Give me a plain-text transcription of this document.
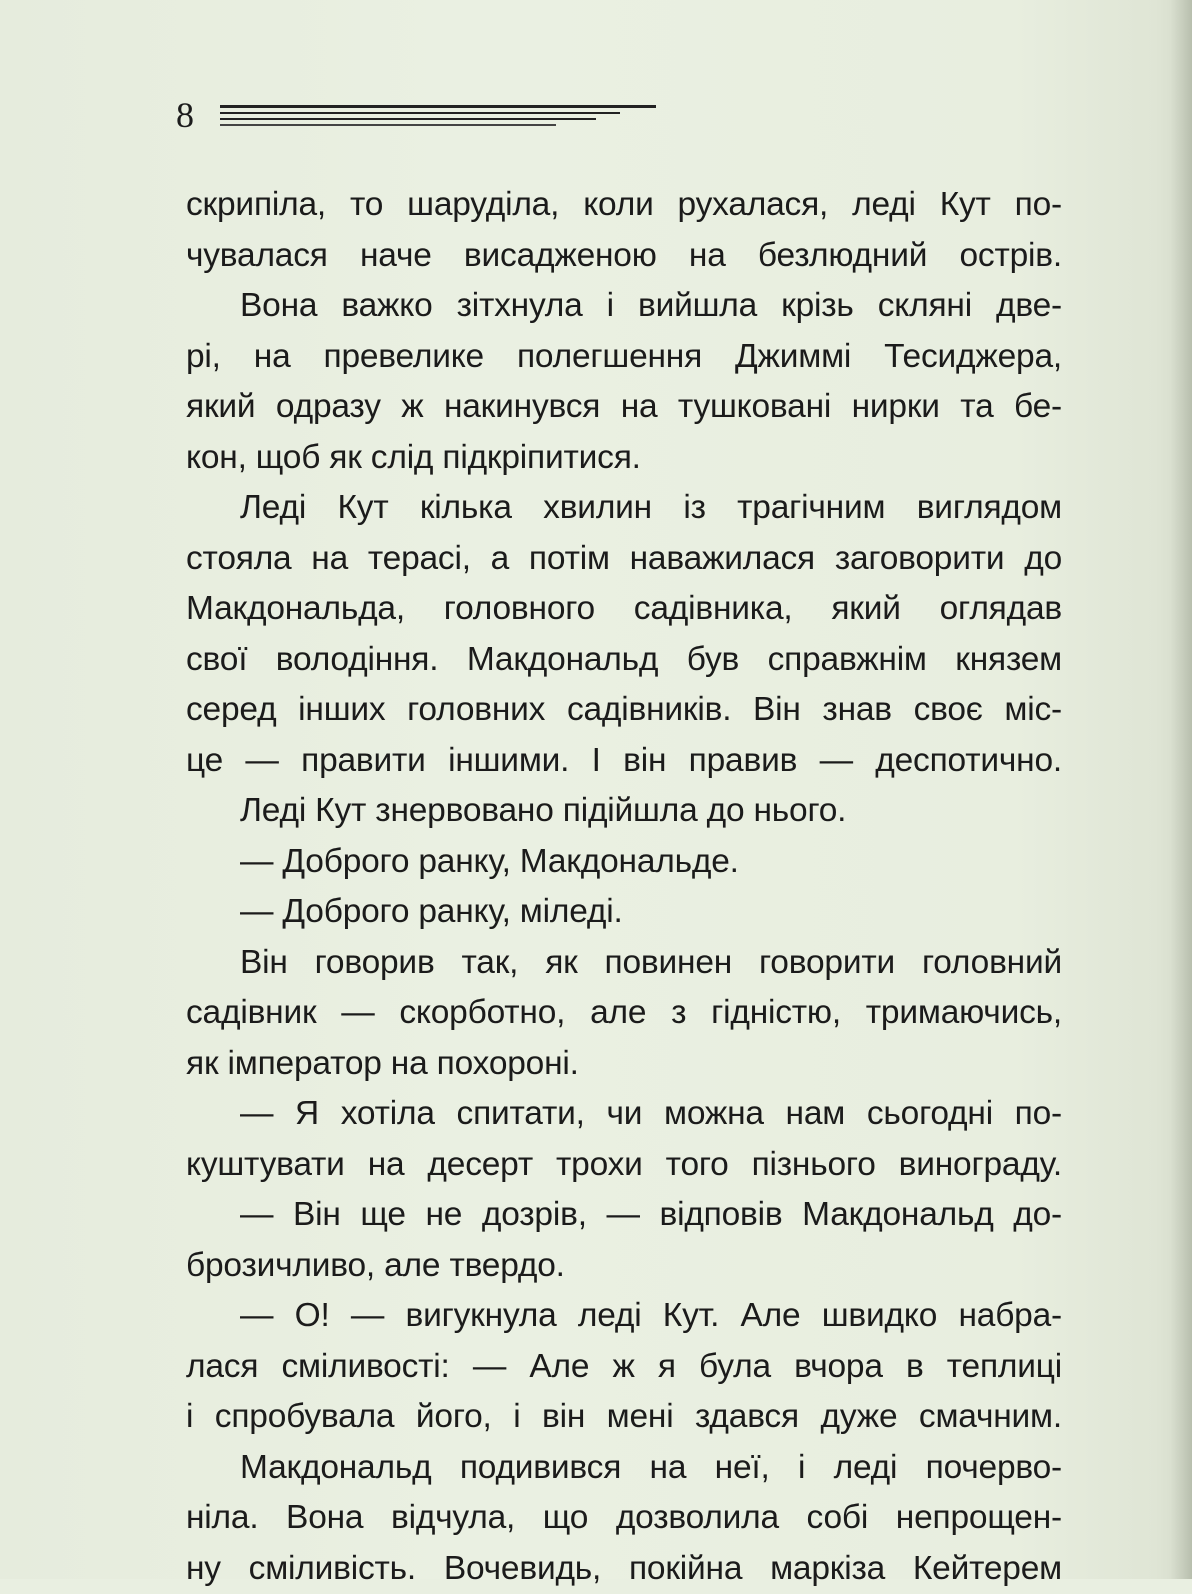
8
скрипіла, то шаруділа, коли рухалася, леді Кут по-
чувалася наче висадженою на безлюдний острів.
Вона важко зітхнула і вийшла крізь скляні две-
рі, на превелике полегшення Джиммі Тесиджера,
який одразу ж накинувся на тушковані нирки та бе-
кон, щоб як слід підкріпитися.
Леді Кут кілька хвилин із трагічним виглядом
стояла на терасі, а потім наважилася заговорити до
Макдональда, головного садівника, який оглядав
свої володіння. Макдональд був справжнім князем
серед інших головних садівників. Він знав своє міс-
це — правити іншими. І він правив — деспотично.
Леді Кут знервовано підійшла до нього.
— Доброго ранку, Макдональде.
— Доброго ранку, міледі.
Він говорив так, як повинен говорити головний
садівник — скорботно, але з гідністю, тримаючись,
як імператор на похороні.
— Я хотіла спитати, чи можна нам сьогодні по-
куштувати на десерт трохи того пізнього винограду.
— Він ще не дозрів, — відповів Макдональд до-
брозичливо, але твердо.
— О! — вигукнула леді Кут. Але швидко набра-
лася сміливості: — Але ж я була вчора в теплиці
і спробувала його, і він мені здався дуже смачним.
Макдональд подивився на неї, і леді почерво-
ніла. Вона відчула, що дозволила собі непрощен-
ну сміливість. Вочевидь, покійна маркіза Кейтерем
